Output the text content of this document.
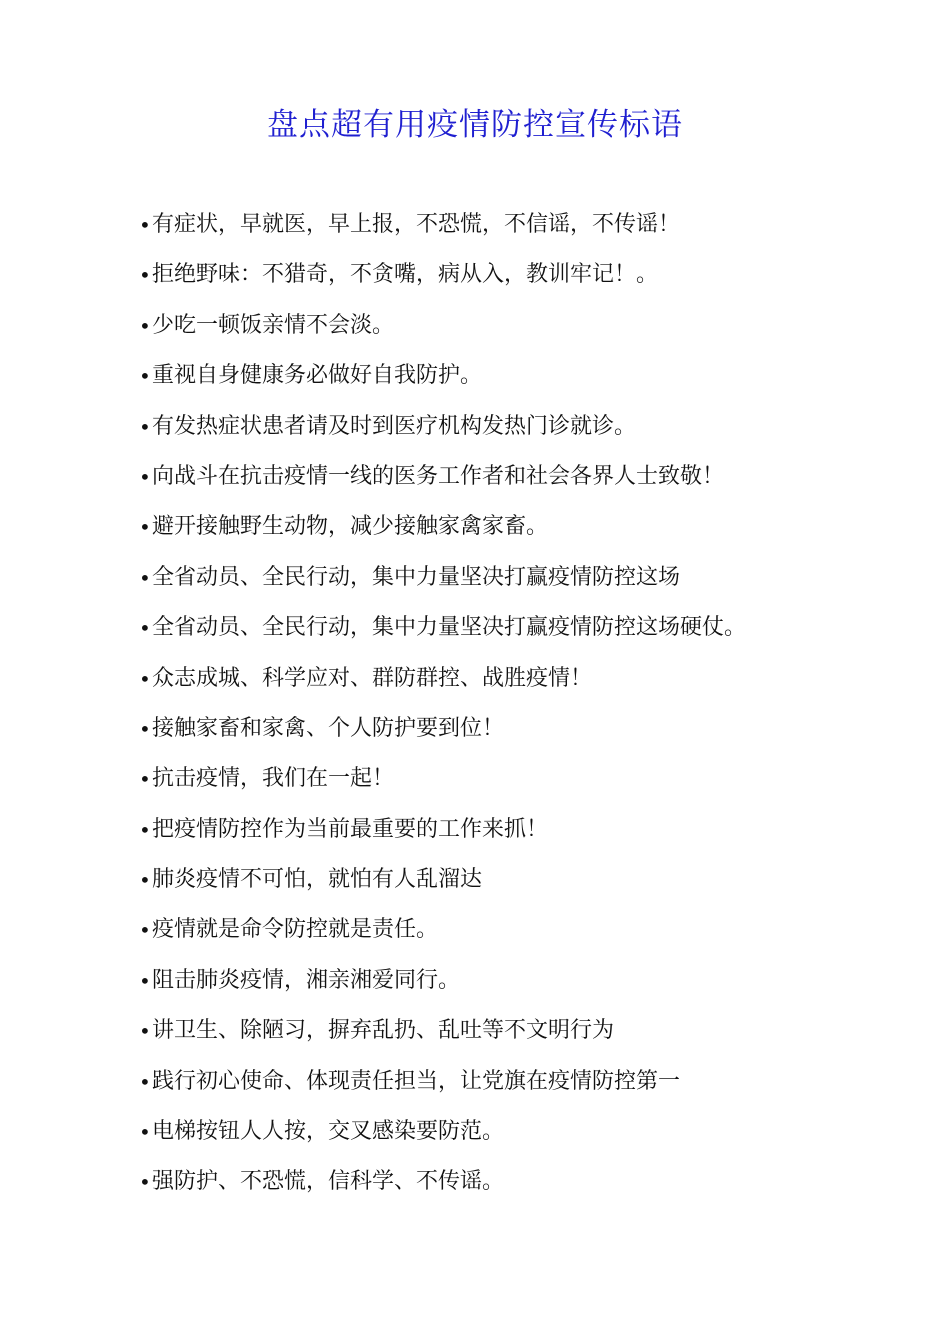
盘点超有用疫情防控宣传标语
• 有症状，早就医，早上报，不恐慌，不信谣，不传谣！
• 拒绝野味：不猎奇，不贪嘴，病从入，教训牢记！。
• 少吃一顿饭亲情不会淡。
• 重视自身健康务必做好自我防护。
• 有发热症状患者请及时到医疗机构发热门诊就诊。
• 向战斗在抗击疫情一线的医务工作者和社会各界人士致敬！
• 避开接触野生动物，减少接触家禽家畜。
• 全省动员、全民行动，集中力量坚决打赢疫情防控这场
• 全省动员、全民行动，集中力量坚决打赢疫情防控这场硬仗。
• 众志成城、科学应对、群防群控、战胜疫情！
• 接触家畜和家禽、个人防护要到位！
• 抗击疫情，我们在一起！
• 把疫情防控作为当前最重要的工作来抓！
• 肺炎疫情不可怕，就怕有人乱溜达
• 疫情就是命令防控就是责任。
• 阻击肺炎疫情，湘亲湘爱同行。
• 讲卫生、除陋习，摒弃乱扔、乱吐等不文明行为
• 践行初心使命、体现责任担当，让党旗在疫情防控第一
• 电梯按钮人人按，交叉感染要防范。
• 强防护、不恐慌，信科学、不传谣。
